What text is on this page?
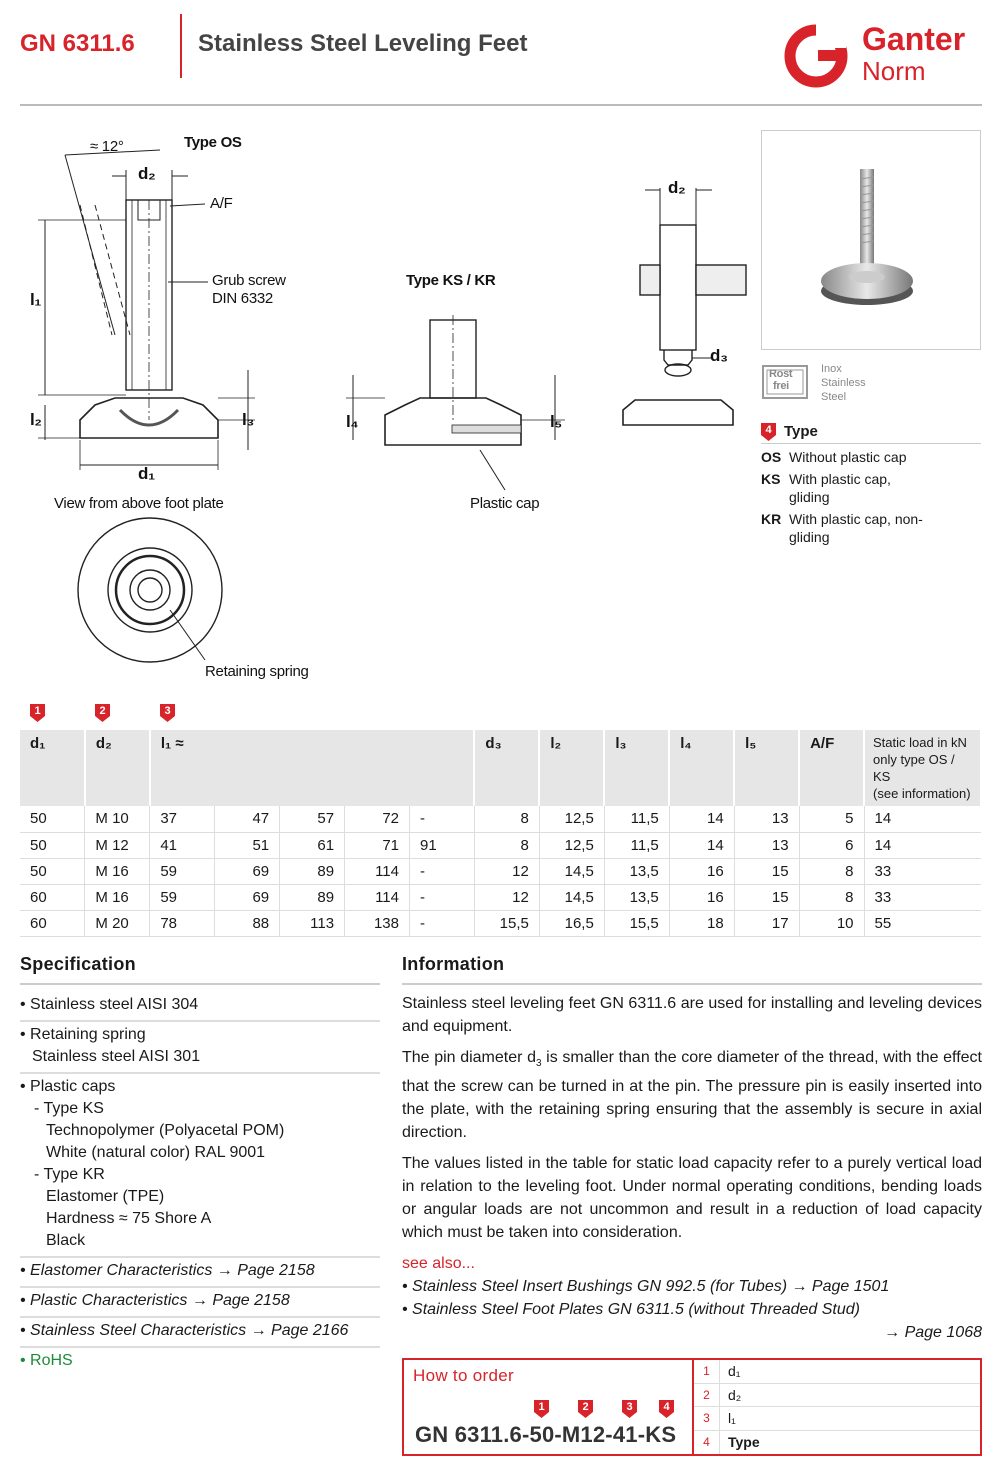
GN 6311.6	Stainless Steel Leveling Feet	Ganter
Norm
≈ 12°	Type OS
d₂
A/F
Grub screw
DIN 6332
l₁
l₂	l₃
d₁
View from above foot plate
Type KS / KR
l₄	l₅
Plastic cap
d₂
d₃
Retaining spring
Rost
frei
Inox
Stainless
Steel
4 Type
OS Without plastic cap
KS With plastic cap, gliding
KR With plastic cap, non-gliding
1	2	3
d₁	d₂	l₁ ≈					d₃	l₂	l₃	l₄	l₅	A/F	Static load in kN
only type OS / KS
(see information)

50	M 10	37	47	57	72	-	8	12,5	11,5	14	13	5	14
50	M 12	41	51	61	71	91	8	12,5	11,5	14	13	6	14
50	M 16	59	69	89	114	-	12	14,5	13,5	16	15	8	33
60	M 16	59	69	89	114	-	12	14,5	13,5	16	15	8	33
60	M 20	78	88	113	138	-	15,5	16,5	15,5	18	17	10	55
Specification
• Stainless steel AISI 304
• Retaining spring
Stainless steel AISI 301
• Plastic caps
- Type KS
Technopolymer (Polyacetal POM)
White (natural color) RAL 9001
- Type KR
Elastomer (TPE)
Hardness ≈ 75 Shore A
Black
• Elastomer Characteristics → Page 2158
• Plastic Characteristics → Page 2158
• Stainless Steel Characteristics → Page 2166
• RoHS
Information

Stainless steel leveling feet GN 6311.6 are used for installing and leveling devices and equipment.

The pin diameter $d_3$ is smaller than the core diameter of the thread, with the effect that the screw can be turned in at the pin. The pressure pin is easily inserted into the plate, with the retaining spring ensuring that the assembly is secure in axial direction.

The values listed in the table for static load capacity refer to a purely vertical load in relation to the leveling foot. Under normal operating conditions, bending loads or angular loads are not uncommon and result in a reduction of load capacity which must be taken into consideration.

see also...
• Stainless Steel Insert Bushings GN 992.5 (for Tubes) → Page 1501
• Stainless Steel Foot Plates GN 6311.5 (without Threaded Stud)
→ Page 1068
How to order
1	2	3	4
GN 6311.6-50-M12-41-KS
1	d₁
2	d₂
3	l₁
4	Type
